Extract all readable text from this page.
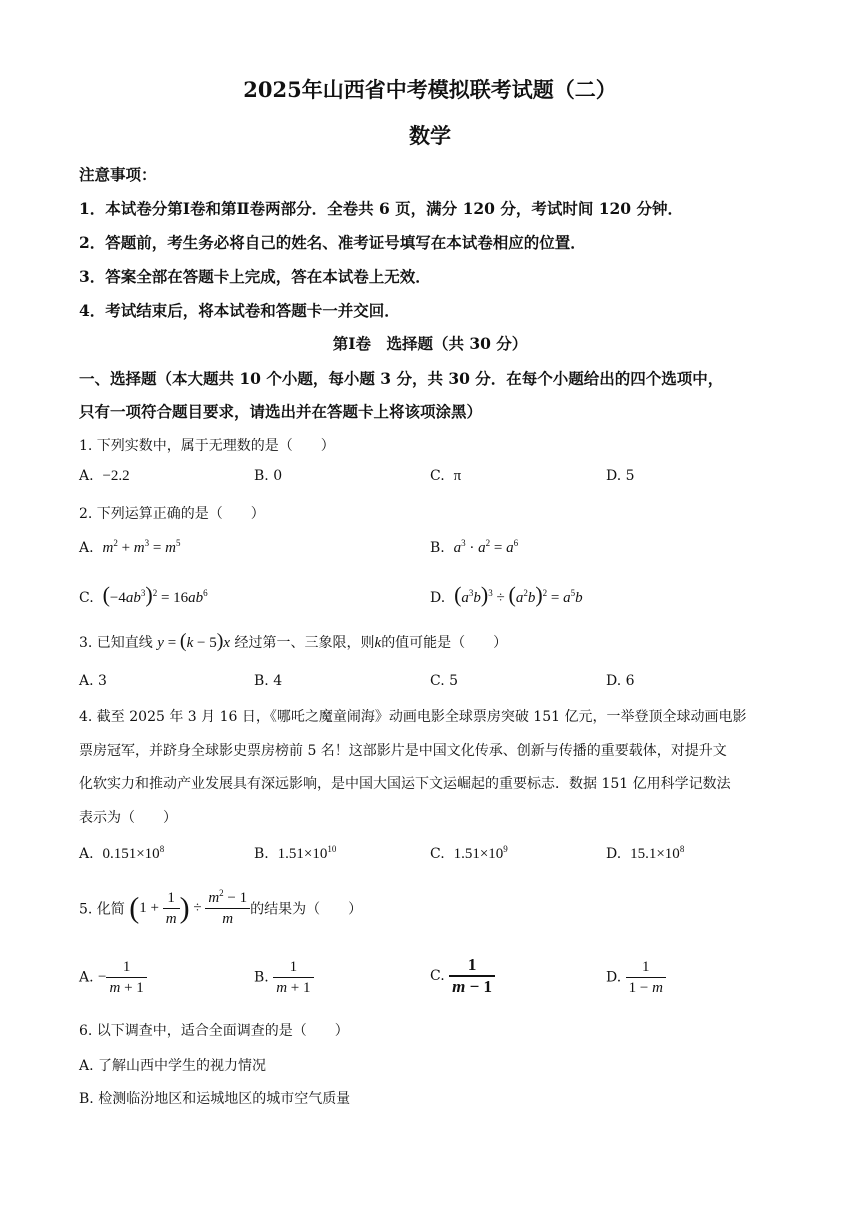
2025年山西省中考模拟联考试题（二）
数学
注意事项：
1．本试卷分第Ⅰ卷和第Ⅱ卷两部分．全卷共 6 页，满分 120 分，考试时间 120 分钟．
2．答题前，考生务必将自己的姓名、准考证号填写在本试卷相应的位置．
3．答案全部在答题卡上完成，答在本试卷上无效．
4．考试结束后，将本试卷和答题卡一并交回．
第Ⅰ卷　选择题（共 30 分）
一、选择题（本大题共 10 个小题，每小题 3 分，共 30 分．在每个小题给出的四个选项中，
只有一项符合题目要求，请选出并在答题卡上将该项涂黑）
1. 下列实数中，属于无理数的是（　　）
A. −2.2	B. 0	C. π	D. 5
2. 下列运算正确的是（　　）
A. $m^2 + m^3 = m^5$	B. $a^3 \cdot a^2 = a^6$
C. $(-4ab^3)^2 = 16ab^6$	D. $(a^3b)^3 \div (a^2b)^2 = a^5b$
3. 已知直线 y = (k − 5)x 经过第一、三象限，则k的值可能是（　　）
A. 3	B. 4	C. 5	D. 6
4. 截至 2025 年 3 月 16 日，《哪吒之魔童闹海》动画电影全球票房突破 151 亿元，一举登顶全球动画电影
票房冠军，并跻身全球影史票房榜前 5 名！这部影片是中国文化传承、创新与传播的重要载体，对提升文
化软实力和推动产业发展具有深远影响，是中国大国运下文运崛起的重要标志．数据 151 亿用科学记数法
表示为（　　）
A. $0.151\times 10^8$	B. $1.51\times 10^{10}$	C. $1.51\times 10^9$	D. $15.1\times 10^8$
5. 化简 ($1 + \frac{1}{m}$ ) ÷ $\frac{m^2 - 1}{m}$ 的结果为（　　）
A. − $\frac{1}{m + 1}$	B. $\frac{1}{m + 1}$	C. $\frac{1}{m - 1}$	D. $\frac{1}{1 - m}$
6. 以下调查中，适合全面调查的是（　　）
A. 了解山西中学生的视力情况
B. 检测临汾地区和运城地区的城市空气质量
